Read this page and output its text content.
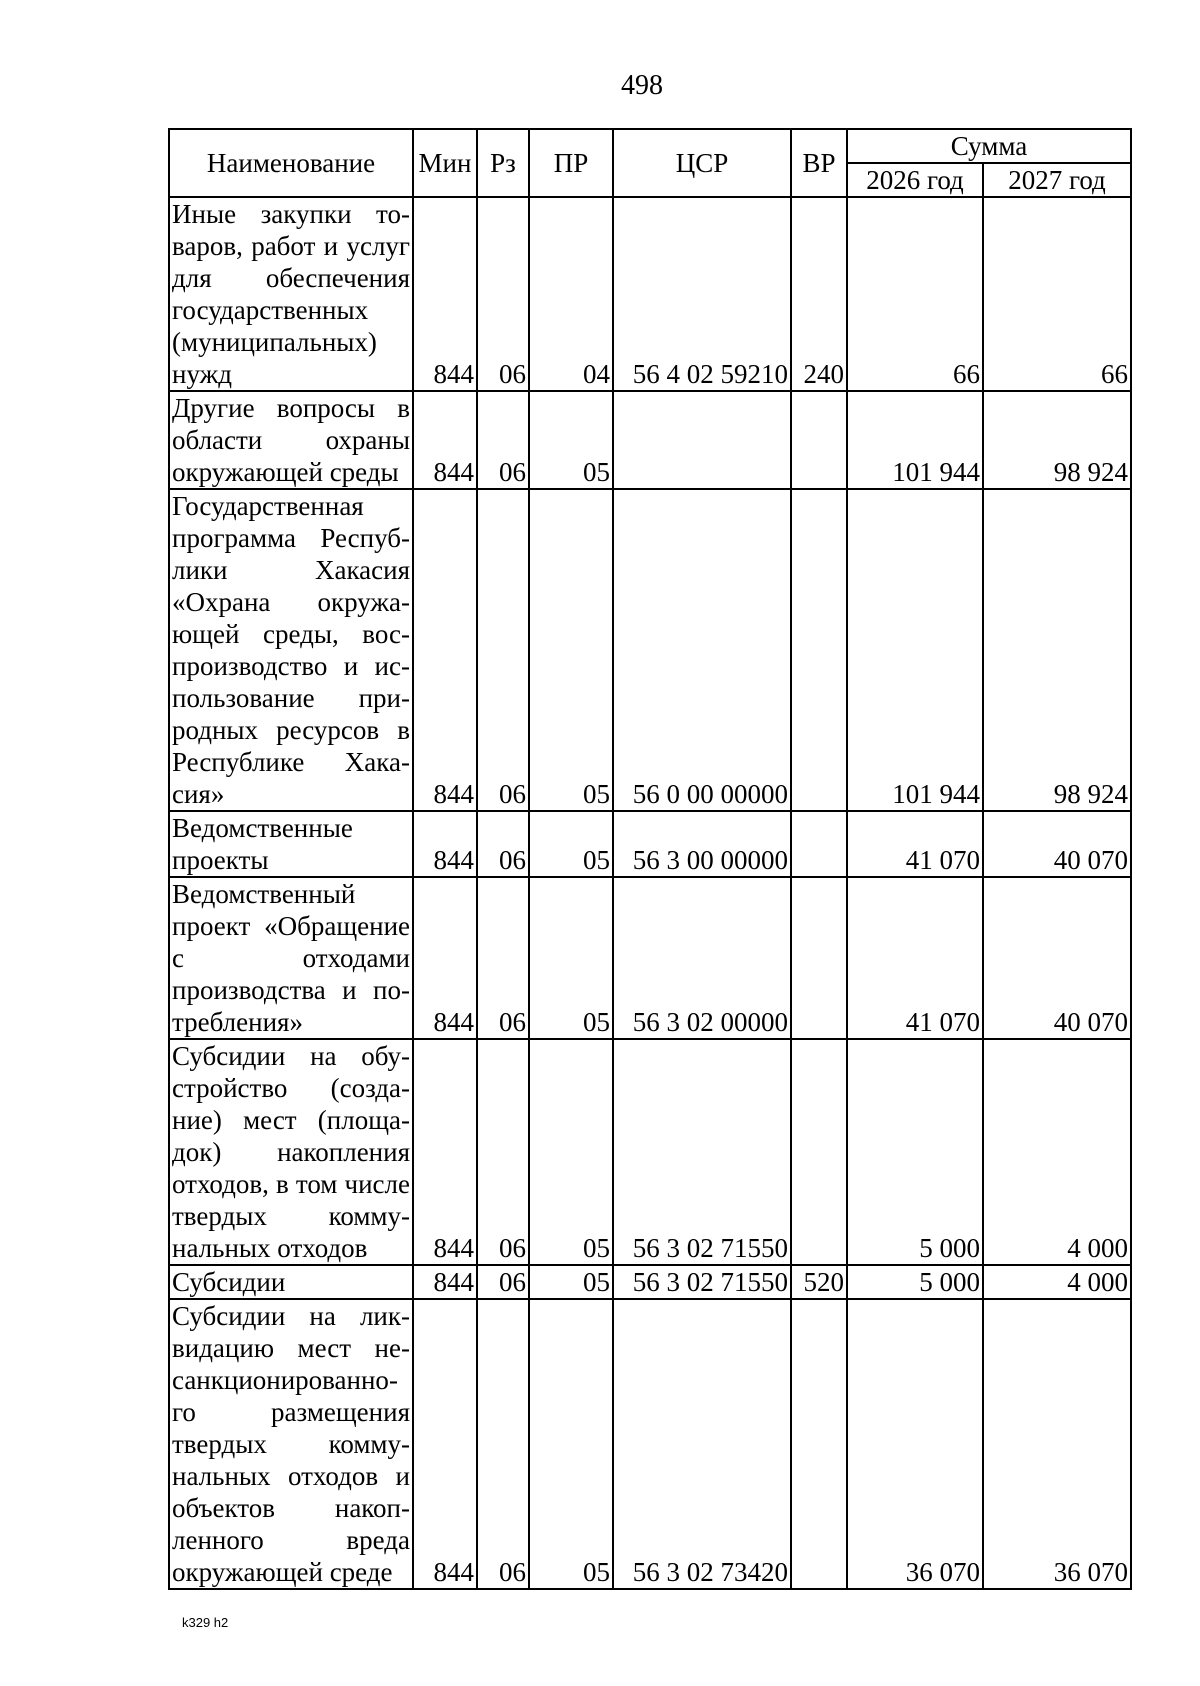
498
Наименование	Мин	Рз	ПР	ЦСР	ВР	Сумма	
						2026 год	2027 год
Иные закупки товаров, работ и услуг для обеспечения государственных (муниципальных) нужд	844	06	04	56 4 02 59210	240	66	66
Другие вопросы в области охраны окружающей среды	844	06	05			101 944	98 924
Государственная программа Республики Хакасия «Охрана окружающей среды, воспроизводство и использование природных ресурсов в Республике Хакасия»	844	06	05	56 0 00 00000		101 944	98 924
Ведомственные проекты	844	06	05	56 3 00 00000		41 070	40 070
Ведомственный проект «Обращение с отходами производства и потребления»	844	06	05	56 3 02 00000		41 070	40 070
Субсидии на обустройство (создание) мест (площадок) накопления отходов, в том числе твердых коммунальных отходов	844	06	05	56 3 02 71550		5 000	4 000
Субсидии	844	06	05	56 3 02 71550	520	5 000	4 000
Субсидии на ликвидацию мест несанкционированного размещения твердых коммунальных отходов и объектов накопленного вреда окружающей среде	844	06	05	56 3 02 73420		36 070	36 070
k329 h2
